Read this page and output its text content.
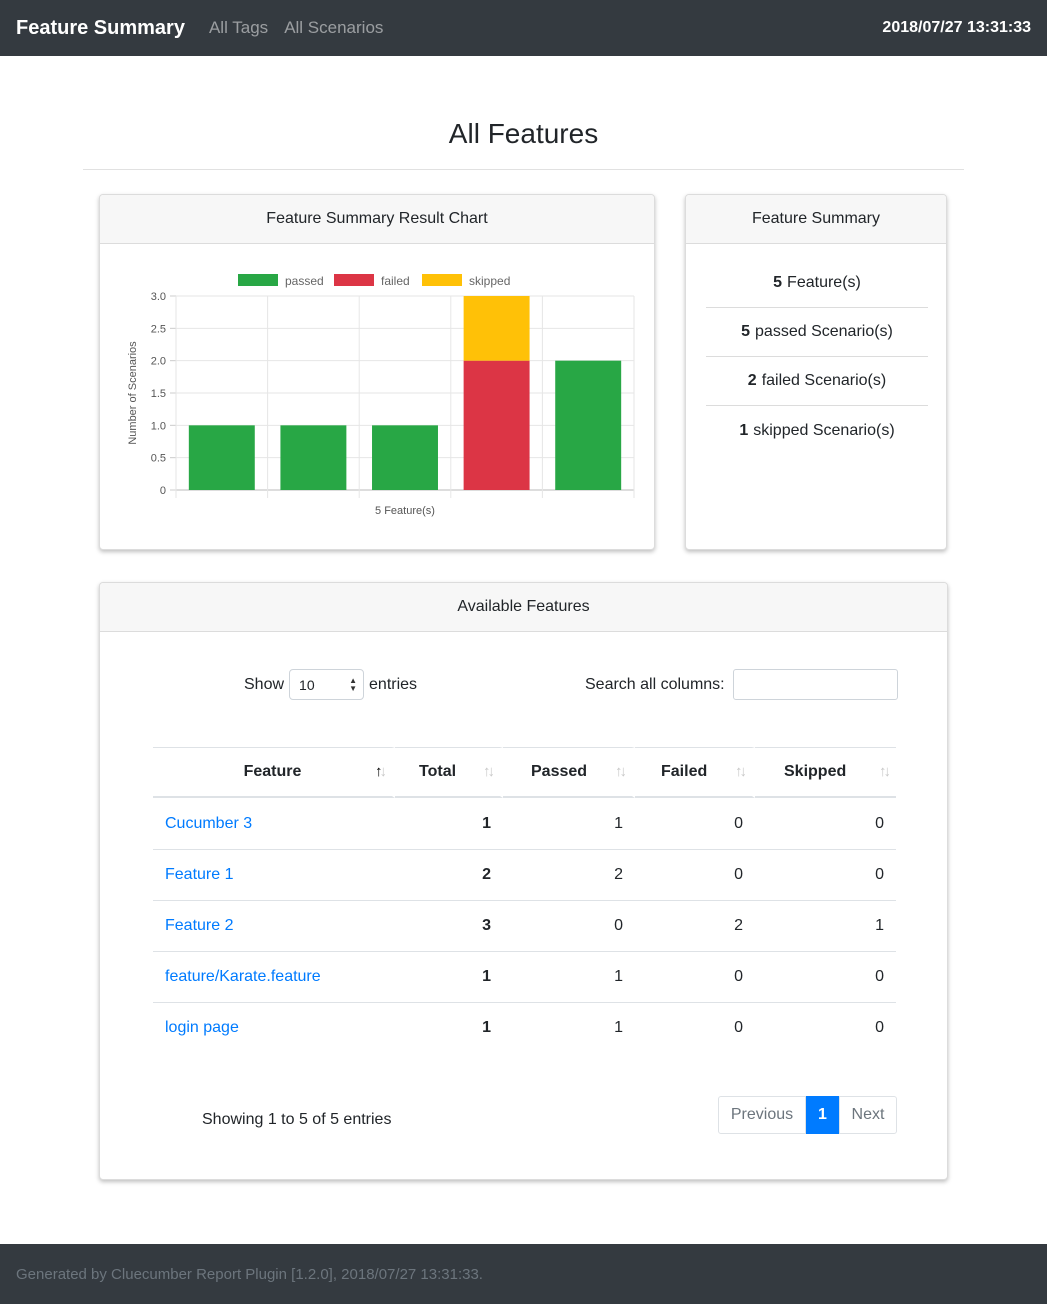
Feature Summary All Tags All Scenarios	2018/07/27 13:31:33
All Features
Feature Summary Result Chart
0
0.5
1.0
1.5
2.0
2.5
3.0
passed	failed	skipped
5 Feature(s)
Number of Scenarios
Feature Summary
5 Feature(s)
5 passed Scenario(s)
2 failed Scenario(s)
1 skipped Scenario(s)
Available Features
Show 10	▲
▼ entries	Search all columns:
Feature ↑↓	Total ↑↓	Passed ↑↓	Failed ↑↓	Skipped ↑↓

Cucumber 3	1	1	0	0
Feature 1	2	2	0	0
Feature 2	3	0	2	1
feature/Karate.feature	1	1	0	0
login page	1	1	0	0
Showing 1 to 5 of 5 entries	Previous	1	Next
Generated by Cluecumber Report Plugin [1.2.0], 2018/07/27 13:31:33.
